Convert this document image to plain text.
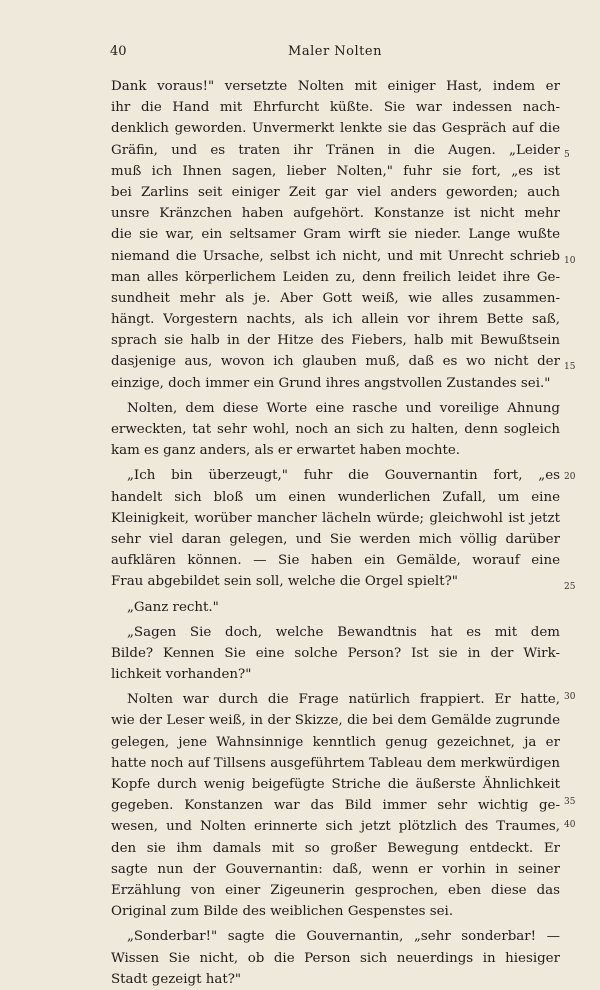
40	Maler Nolten
Dank voraus!" versetzte Nolten mit einiger Hast, indem er
ihr die Hand mit Ehrfurcht küßte. Sie war indessen nach-
denklich geworden. Unvermerkt lenkte sie das Gespräch auf die
Gräfin, und es traten ihr Tränen in die Augen. „Leider
muß ich Ihnen sagen, lieber Nolten," fuhr sie fort, „es ist
bei Zarlins seit einiger Zeit gar viel anders geworden; auch
unsre Kränzchen haben aufgehört. Konstanze ist nicht mehr
die sie war, ein seltsamer Gram wirft sie nieder. Lange wußte
niemand die Ursache, selbst ich nicht, und mit Unrecht schrieb
man alles körperlichem Leiden zu, denn freilich leidet ihre Ge-
sundheit mehr als je. Aber Gott weiß, wie alles zusammen-
hängt. Vorgestern nachts, als ich allein vor ihrem Bette saß,
sprach sie halb in der Hitze des Fiebers, halb mit Bewußtsein
dasjenige aus, wovon ich glauben muß, daß es wo nicht der
einzige, doch immer ein Grund ihres angstvollen Zustandes sei."
Nolten, dem diese Worte eine rasche und voreilige Ahnung
erweckten, tat sehr wohl, noch an sich zu halten, denn sogleich
kam es ganz anders, als er erwartet haben mochte.
„Ich bin überzeugt," fuhr die Gouvernantin fort, „es
handelt sich bloß um einen wunderlichen Zufall, um eine
Kleinigkeit, worüber mancher lächeln würde; gleichwohl ist jetzt
sehr viel daran gelegen, und Sie werden mich völlig darüber
aufklären können. — Sie haben ein Gemälde, worauf eine
Frau abgebildet sein soll, welche die Orgel spielt?"
„Ganz recht."
„Sagen Sie doch, welche Bewandtnis hat es mit dem
Bilde? Kennen Sie eine solche Person? Ist sie in der Wirk-
lichkeit vorhanden?"
Nolten war durch die Frage natürlich frappiert. Er hatte,
wie der Leser weiß, in der Skizze, die bei dem Gemälde zugrunde
gelegen, jene Wahnsinnige kenntlich genug gezeichnet, ja er
hatte noch auf Tillsens ausgeführtem Tableau dem merkwürdigen
Kopfe durch wenig beigefügte Striche die äußerste Ähnlichkeit
gegeben. Konstanzen war das Bild immer sehr wichtig ge-
wesen, und Nolten erinnerte sich jetzt plötzlich des Traumes,
den sie ihm damals mit so großer Bewegung entdeckt. Er
sagte nun der Gouvernantin: daß, wenn er vorhin in seiner
Erzählung von einer Zigeunerin gesprochen, eben diese das
Original zum Bilde des weiblichen Gespenstes sei.
„Sonderbar!" sagte die Gouvernantin, „sehr sonderbar! —
Wissen Sie nicht, ob die Person sich neuerdings in hiesiger
Stadt gezeigt hat?"
5
10
15
20
25
30
35
40
